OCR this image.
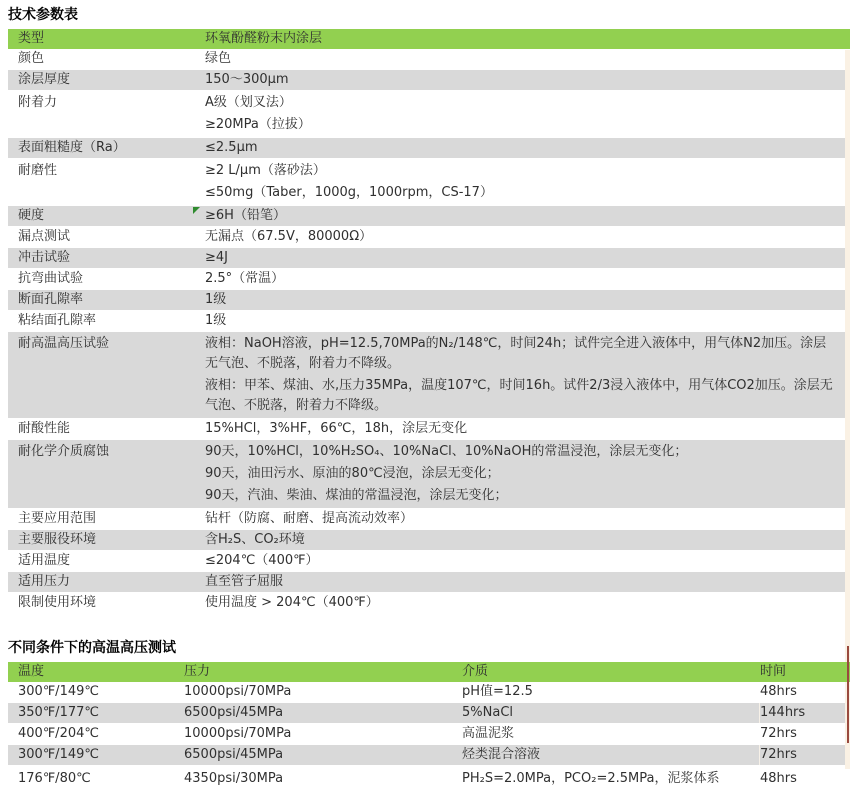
技术参数表
类型	环氧酚醛粉末内涂层
颜色	绿色
涂层厚度	150～300μm
附着力	A级（划叉法）
≥20MPa（拉拔）
表面粗糙度（Ra）	≤2.5μm
耐磨性	≥2 L/μm（落砂法）
≤50mg（Taber，1000g，1000rpm，CS-17）
硬度	≥6H（铅笔）
漏点测试	无漏点（67.5V，80000Ω）
冲击试验	≥4J
抗弯曲试验	2.5°（常温）
断面孔隙率	1级
粘结面孔隙率	1级
耐高温高压试验	液相：NaOH溶液，pH=12.5,70MPa的N₂/148℃，时间24h；试件完全进入液体中，用气体N2加压。涂层无气泡、不脱落，附着力不降级。
液相：甲苯、煤油、水,压力35MPa，温度107℃，时间16h。试件2/3浸入液体中，用气体CO2加压。涂层无气泡、不脱落，附着力不降级。
耐酸性能	15%HCl，3%HF，66℃，18h，涂层无变化
耐化学介质腐蚀	90天，10%HCl，10%H₂SO₄、10%NaCl、10%NaOH的常温浸泡，涂层无变化；
90天，油田污水、原油的80℃浸泡，涂层无变化；
90天，汽油、柴油、煤油的常温浸泡，涂层无变化；
主要应用范围	钻杆（防腐、耐磨、提高流动效率）
主要服役环境	含H₂S、CO₂环境
适用温度	≤204℃（400℉）
适用压力	直至管子屈服
限制使用环境	使用温度 > 204℃（400℉）
不同条件下的高温高压测试
温度	压力	介质	时间
300℉/149℃	10000psi/70MPa	pH值=12.5	48hrs
350℉/177℃	6500psi/45MPa	5%NaCl	144hrs
400℉/204℃	10000psi/70MPa	高温泥浆	72hrs
300℉/149℃	6500psi/45MPa	烃类混合溶液	72hrs
176℉/80℃	4350psi/30MPa	PH₂S=2.0MPa，PCO₂=2.5MPa，泥浆体系	48hrs
